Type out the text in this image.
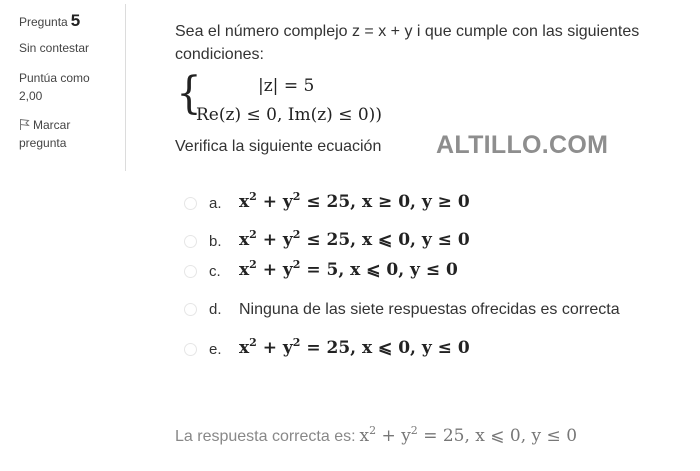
Pregunta 5
Sin contestar
Puntúa como
2,00
Marcar
pregunta
Sea el número complejo z = x + y i que cumple con las siguientes
condiciones:
{	|z| = 5
Re(z) ≤ 0, Im(z) ≤ 0))
Verifica la siguiente ecuación ALTILLO.COM
a. $x^2 + y^2 \le 25$, x ≥ 0, y ≥ 0
b. $x^2 + y^2 \le 25$, x ⩽ 0, y ≤ 0
c. $x^2 + y^2 = 5$, x ⩽ 0, y ≤ 0
d. Ninguna de las siete respuestas ofrecidas es correcta
e. $x^2 + y^2 = 25$, x ⩽ 0, y ≤ 0
La respuesta correcta es: $x^2 + y^2 = 25$, x ⩽ 0, y ≤ 0
